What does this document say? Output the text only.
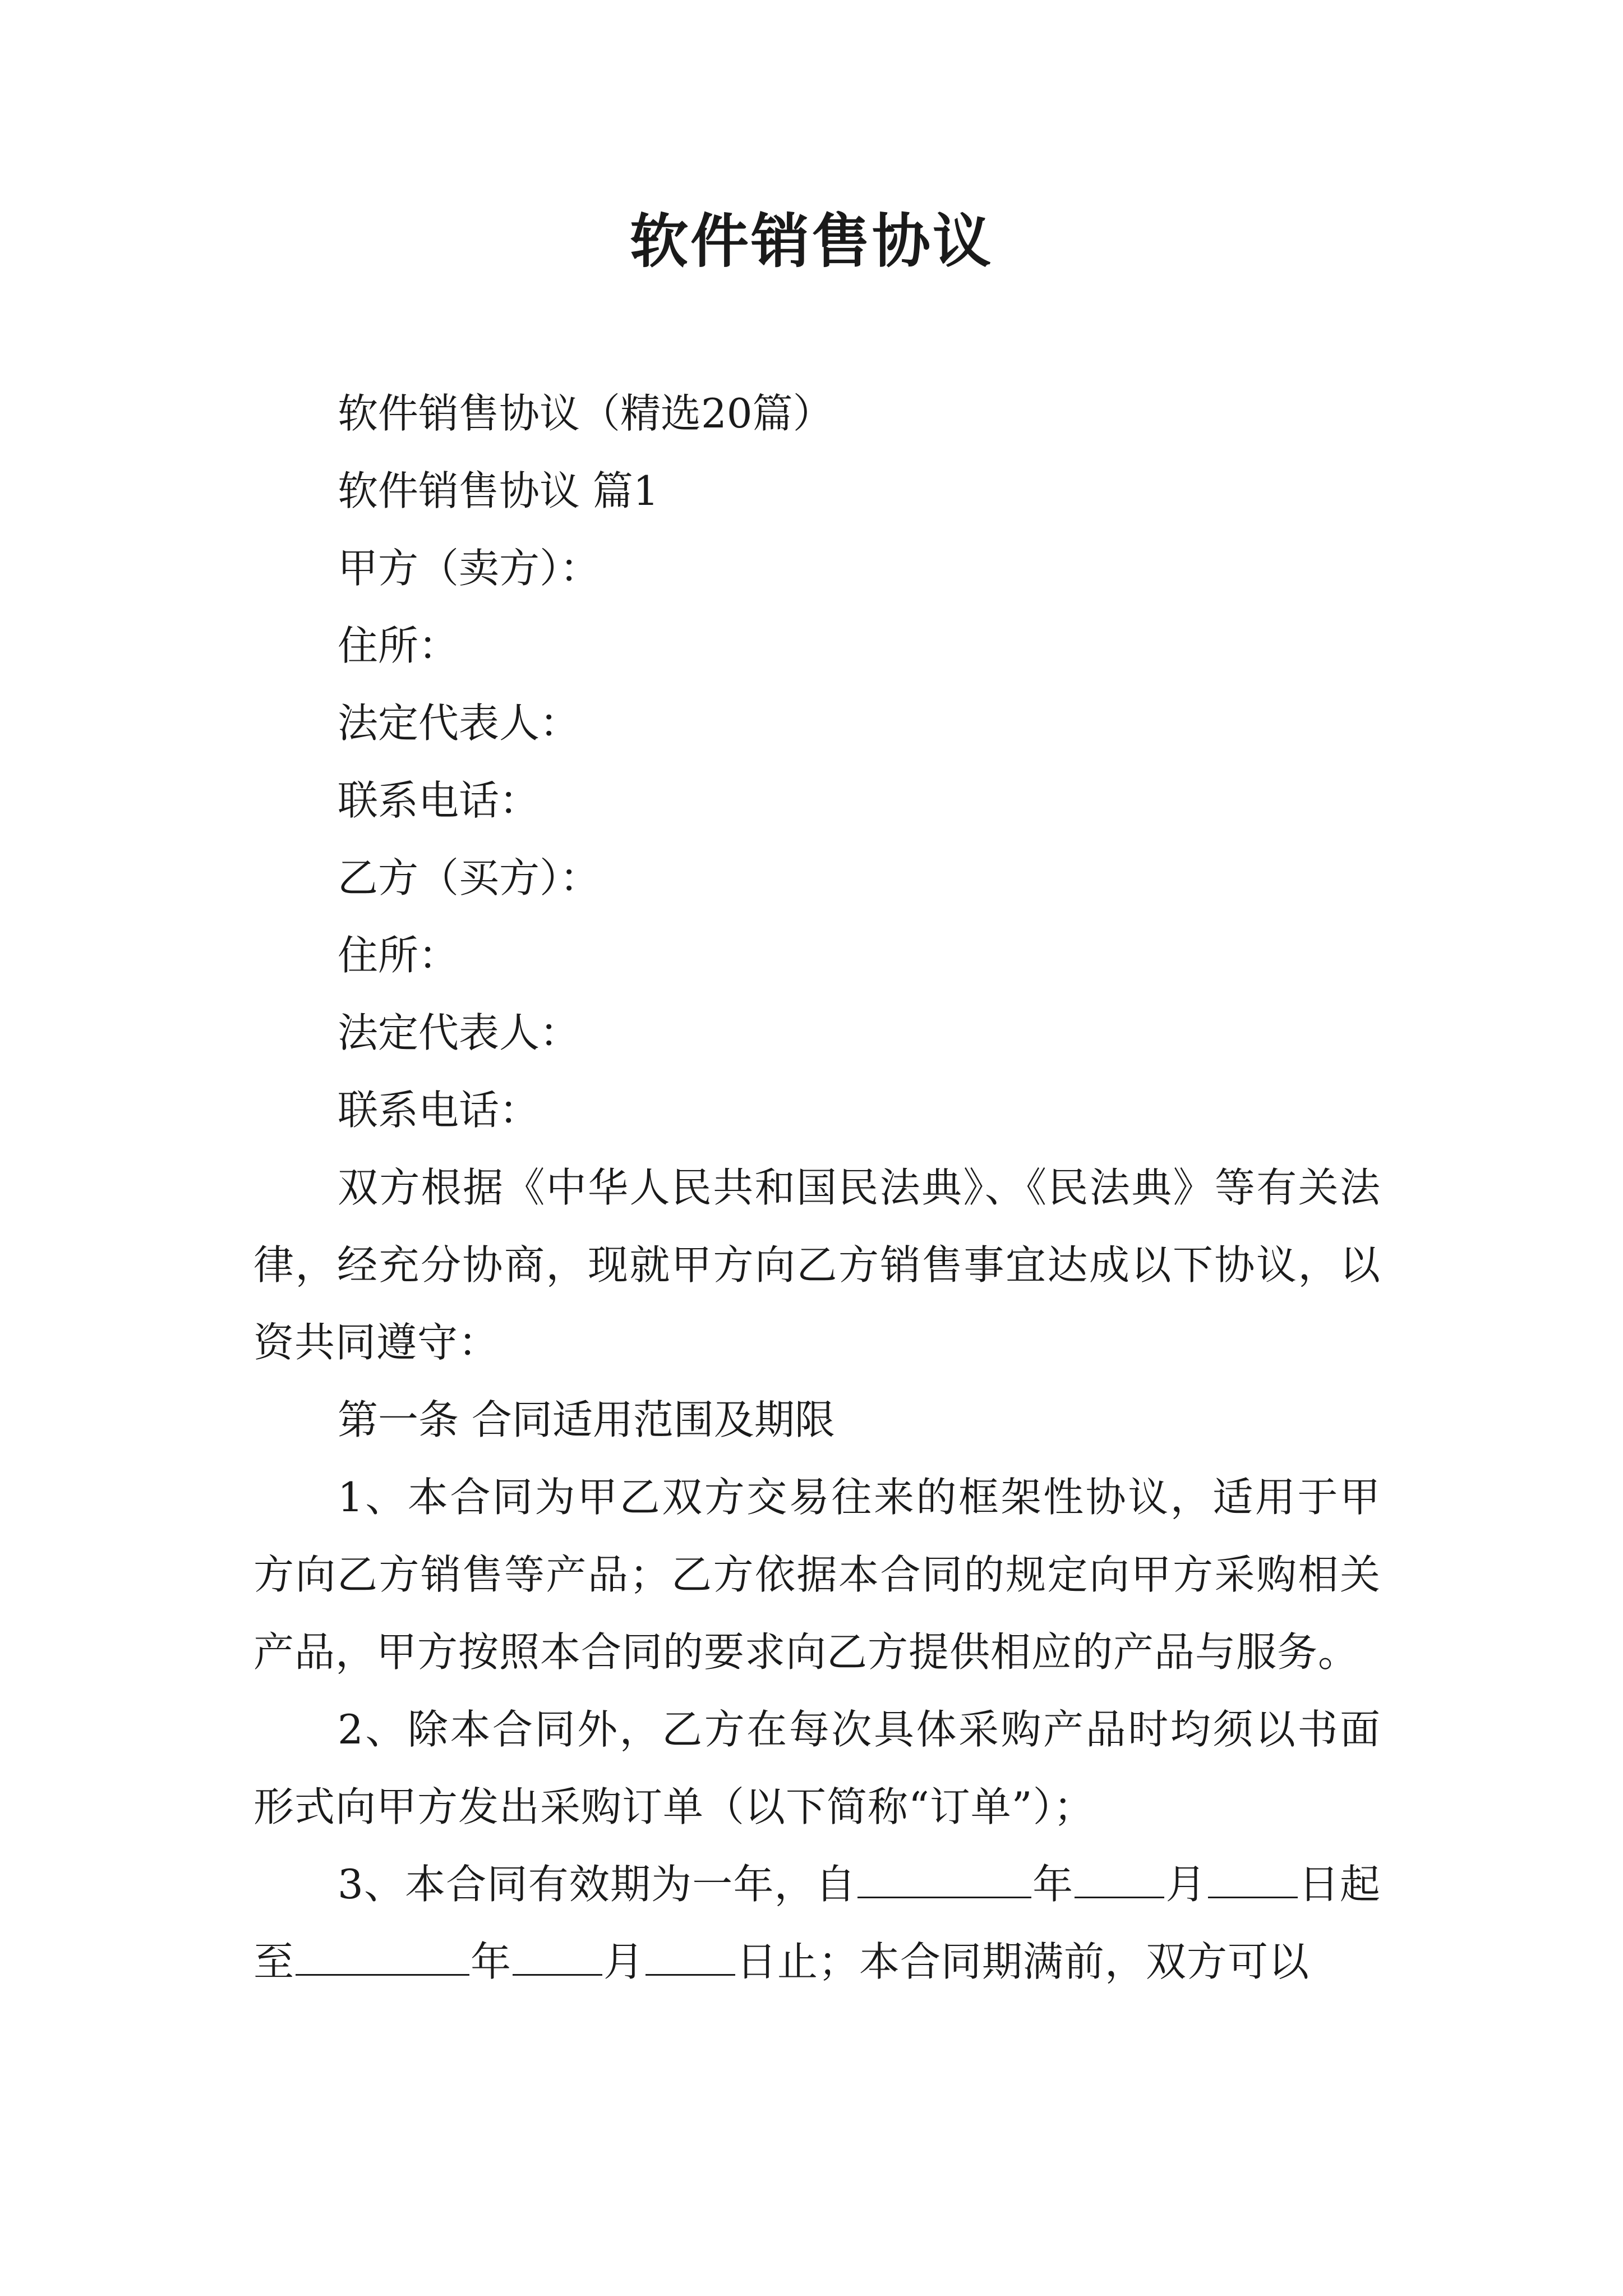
软件销售协议

软件销售协议（精选20篇）

软件销售协议 篇1

甲方（卖方）：

住所：

法定代表人：

联系电话：

乙方（买方）：

住所：

法定代表人：

联系电话：

双方根据《中华人民共和国民法典》、《民法典》等有关法律，经充分协商，现就甲方向乙方销售事宜达成以下协议，以资共同遵守：

第一条 合同适用范围及期限

1、本合同为甲乙双方交易往来的框架性协议，适用于甲方向乙方销售等产品；乙方依据本合同的规定向甲方采购相关产品，甲方按照本合同的要求向乙方提供相应的产品与服务。

2、除本合同外，乙方在每次具体采购产品时均须以书面形式向甲方发出采购订单（以下简称“订单”）；

3、本合同有效期为一年，自	年 月 日起至	年 月 日止；本合同期满前，双方可以
